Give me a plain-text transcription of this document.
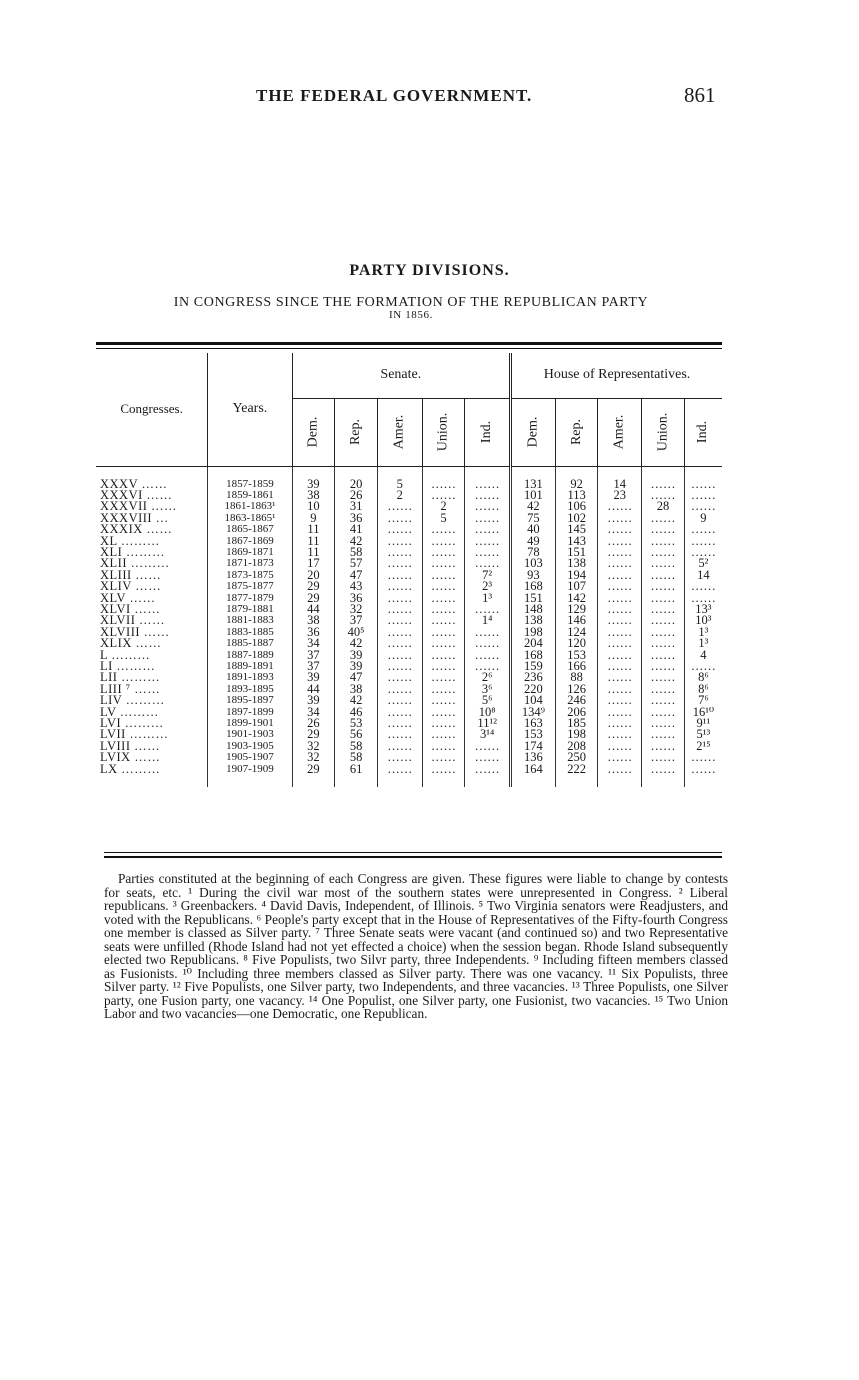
THE FEDERAL GOVERNMENT.	861
PARTY DIVISIONS.
IN CONGRESS SINCE THE FORMATION OF THE REPUBLICAN PARTY
IN 1856.
Congresses.	Years.	Senate.					House of Representatives.				
		Dem.	Rep.	Amer.	Union.	Ind.	Dem.	Rep.	Amer.	Union.	Ind.
XXXV ……	1857-1859	39	20	5	……	……	131	92	14	……	……
XXXVI ……	1859-1861	38	26	2	……	……	101	113	23	……	……
XXXVII ……	1861-1863¹	10	31	……	2	……	42	106	……	28	……
XXXVIII …	1863-1865¹	9	36	……	5	……	75	102	……	……	9
XXXIX ……	1865-1867	11	41	……	……	……	40	145	……	……	……
XL ………	1867-1869	11	42	……	……	……	49	143	……	……	……
XLI ………	1869-1871	11	58	……	……	……	78	151	……	……	……
XLII ………	1871-1873	17	57	……	……	……	103	138	……	……	5²
XLIII ……	1873-1875	20	47	……	……	7²	93	194	……	……	14
XLIV ……	1875-1877	29	43	……	……	2³	168	107	……	……	……
XLV ……	1877-1879	29	36	……	……	1³	151	142	……	……	……
XLVI ……	1879-1881	44	32	……	……	……	148	129	……	……	13³
XLVII ……	1881-1883	38	37	……	……	1⁴	138	146	……	……	10³
XLVIII ……	1883-1885	36	40⁵	……	……	……	198	124	……	……	1³
XLIX ……	1885-1887	34	42	……	……	……	204	120	……	……	1³
L ………	1887-1889	37	39	……	……	……	168	153	……	……	4
LI ………	1889-1891	37	39	……	……	……	159	166	……	……	……
LII ………	1891-1893	39	47	……	……	2⁶	236	88	……	……	8⁶
LIII ⁷ ……	1893-1895	44	38	……	……	3⁶	220	126	……	……	8⁶
LIV ………	1895-1897	39	42	……	……	5⁶	104	246	……	……	7⁶
LV ………	1897-1899	34	46	……	……	10⁸	134⁹	206	……	……	16¹⁰
LVI ………	1899-1901	26	53	……	……	11¹²	163	185	……	……	9¹¹
LVII ………	1901-1903	29	56	……	……	3¹⁴	153	198	……	……	5¹³
LVIII ……	1903-1905	32	58	……	……	……	174	208	……	……	2¹⁵
LVIX ……	1905-1907	32	58	……	……	……	136	250	……	……	……
LX ………	1907-1909	29	61	……	……	……	164	222	……	……	……
Parties constituted at the beginning of each Congress are given. These figures were liable to change by contests for seats, etc. ¹ During the civil war most of the southern states were unrepresented in Congress. ² Liberal republicans. ³ Greenbackers. ⁴ David Davis, Independent, of Illinois. ⁵ Two Virginia senators were Readjusters, and voted with the Republicans. ⁶ People's party except that in the House of Representatives of the Fifty-fourth Congress one member is classed as Silver party. ⁷ Three Senate seats were vacant (and continued so) and two Representative seats were unfilled (Rhode Island had not yet effected a choice) when the session began. Rhode Island subsequently elected two Republicans. ⁸ Five Populists, two Silvr party, three Independents. ⁹ Including fifteen members classed as Fusionists. ¹⁰ Including three members classed as Silver party. There was one vacancy. ¹¹ Six Populists, three Silver party. ¹² Five Populists, one Silver party, two Independents, and three vacancies. ¹³ Three Populists, one Silver party, one Fusion party, one vacancy. ¹⁴ One Populist, one Silver party, one Fusionist, two vacancies. ¹⁵ Two Union Labor and two vacancies—one Democratic, one Republican.
